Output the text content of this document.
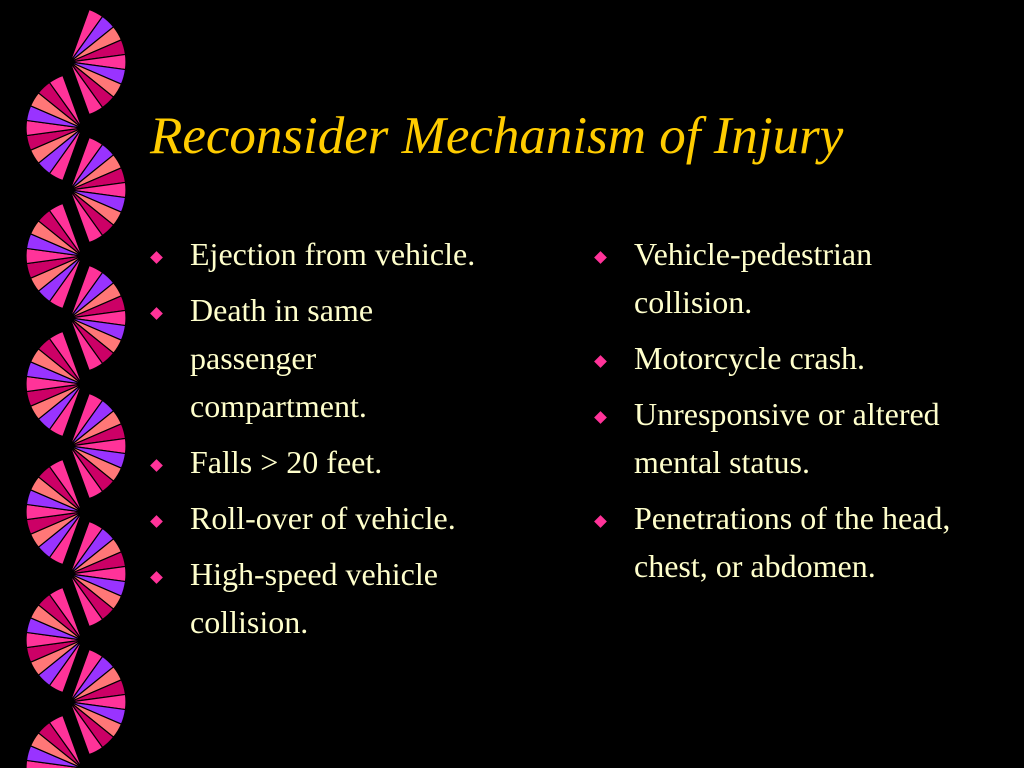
Reconsider Mechanism of Injury
Ejection from vehicle.
Death in same passenger compartment.
Falls > 20 feet.
Roll-over of vehicle.
High-speed vehicle collision.
Vehicle-pedestrian collision.
Motorcycle crash.
Unresponsive or altered mental status.
Penetrations of the head, chest, or abdomen.
